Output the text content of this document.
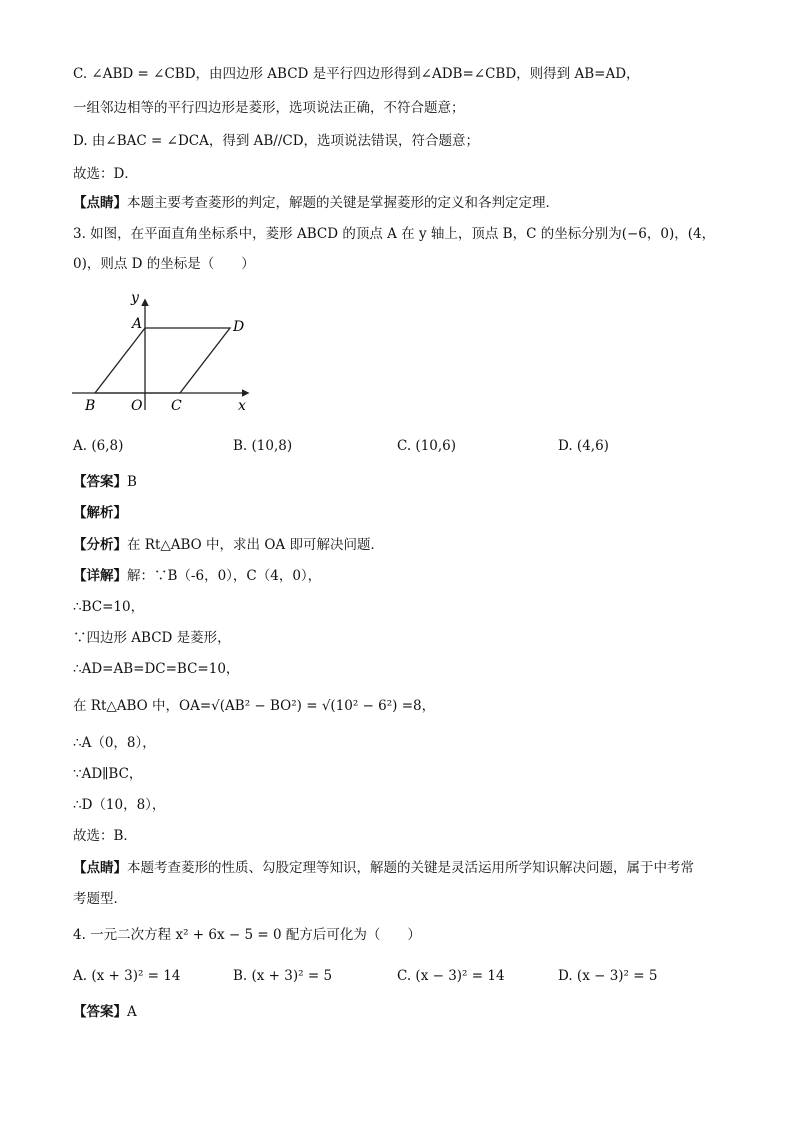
C. ∠ABD = ∠CBD，由四边形 ABCD 是平行四边形得到∠ADB=∠CBD，则得到 AB=AD，
一组邻边相等的平行四边形是菱形，选项说法正确，不符合题意；
D. 由∠BAC = ∠DCA，得到 AB//CD，选项说法错误，符合题意；
故选：D．
【点睛】本题主要考查菱形的判定，解题的关键是掌握菱形的定义和各判定定理．
3. 如图，在平面直角坐标系中，菱形 ABCD 的顶点 A 在 y 轴上，顶点 B，C 的坐标分别为(−6，0)，(4，
0)，则点 D 的坐标是（　　）
A	D
B	O C	x
y
A. (6,8)	B. (10,8)	C. (10,6)	D. (4,6)
【答案】B
【解析】
【分析】在 Rt△ABO 中，求出 OA 即可解决问题．
【详解】解：∵B（-6，0），C（4，0），
∴BC=10，
∵四边形 ABCD 是菱形，
∴AD=AB=DC=BC=10，
在 Rt△ABO 中，OA=√(AB² − BO²) = √(10² − 6²) =8，
∴A（0，8），
∵AD∥BC，
∴D（10，8），
故选：B．
【点睛】本题考查菱形的性质、勾股定理等知识，解题的关键是灵活运用所学知识解决问题，属于中考常
考题型．
4. 一元二次方程 x² + 6x − 5 = 0 配方后可化为（　　）
A. (x + 3)² = 14	B. (x + 3)² = 5	C. (x − 3)² = 14	D. (x − 3)² = 5
【答案】A
